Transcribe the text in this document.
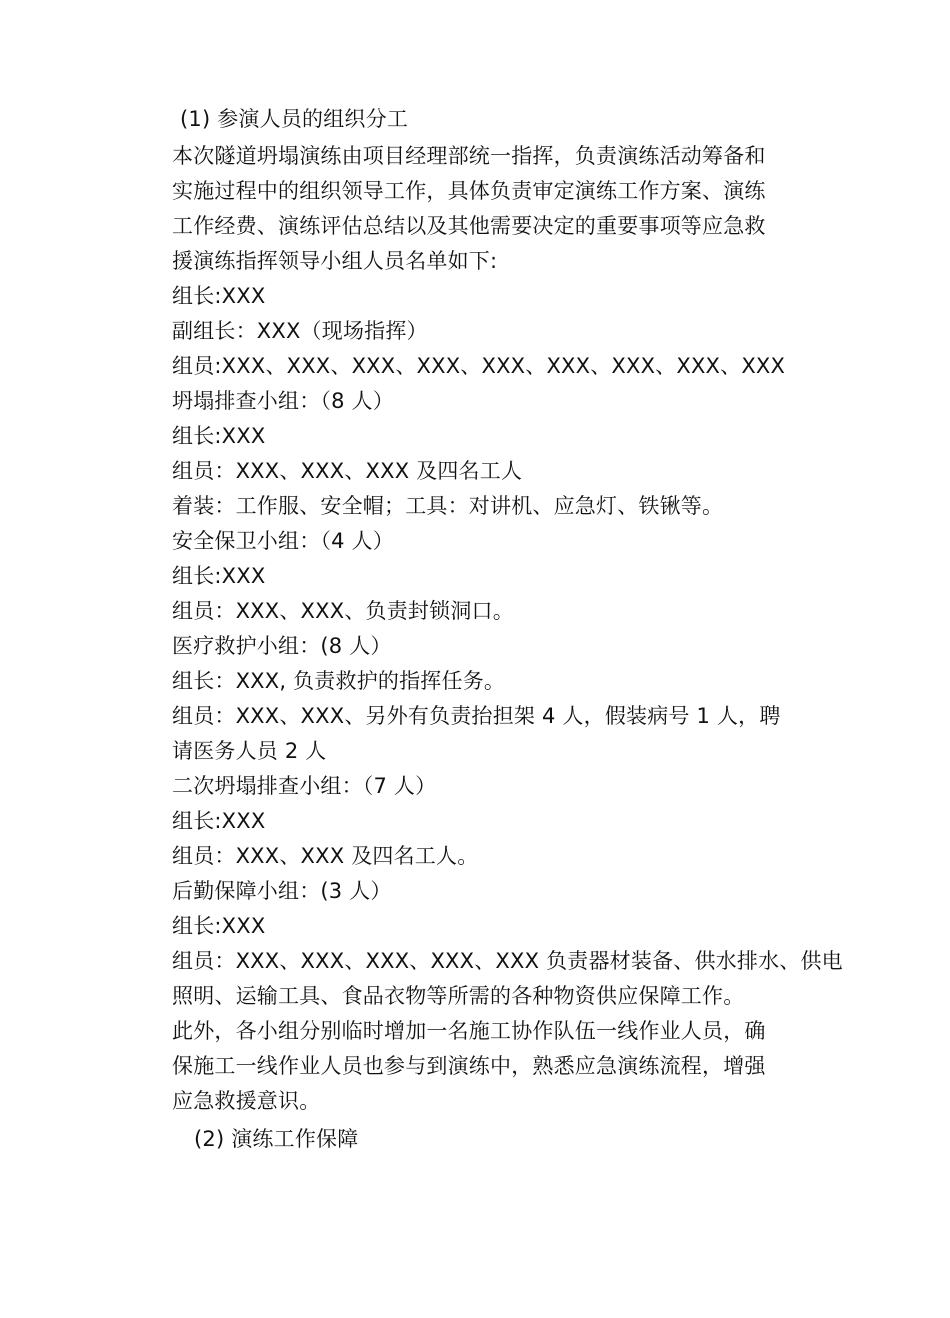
(1) 参演人员的组织分工
本次隧道坍塌演练由项目经理部统一指挥，负责演练活动筹备和
实施过程中的组织领导工作，具体负责审定演练工作方案、演练
工作经费、演练评估总结以及其他需要决定的重要事项等应急救
援演练指挥领导小组人员名单如下:
组长:XXX
副组长：XXX（现场指挥）
组员:XXX、XXX、XXX、XXX、XXX、XXX、XXX、XXX、XXX
坍塌排查小组：（8 人）
组长:XXX
组员：XXX、XXX、XXX 及四名工人
着装：工作服、安全帽；工具：对讲机、应急灯、铁锹等。
安全保卫小组：（4 人）
组长:XXX
组员：XXX、XXX、负责封锁洞口。
医疗救护小组：(8 人）
组长：XXX, 负责救护的指挥任务。
组员：XXX、XXX、另外有负责抬担架 4 人，假装病号 1 人，聘
请医务人员 2 人
二次坍塌排查小组：（7 人）
组长:XXX
组员：XXX、XXX 及四名工人。
后勤保障小组：(3 人）
组长:XXX
组员：XXX、XXX、XXX、XXX、XXX 负责器材装备、供水排水、供电
照明、运输工具、食品衣物等所需的各种物资供应保障工作。
此外，各小组分别临时增加一名施工协作队伍一线作业人员，确
保施工一线作业人员也参与到演练中，熟悉应急演练流程，增强
应急救援意识。
(2) 演练工作保障
